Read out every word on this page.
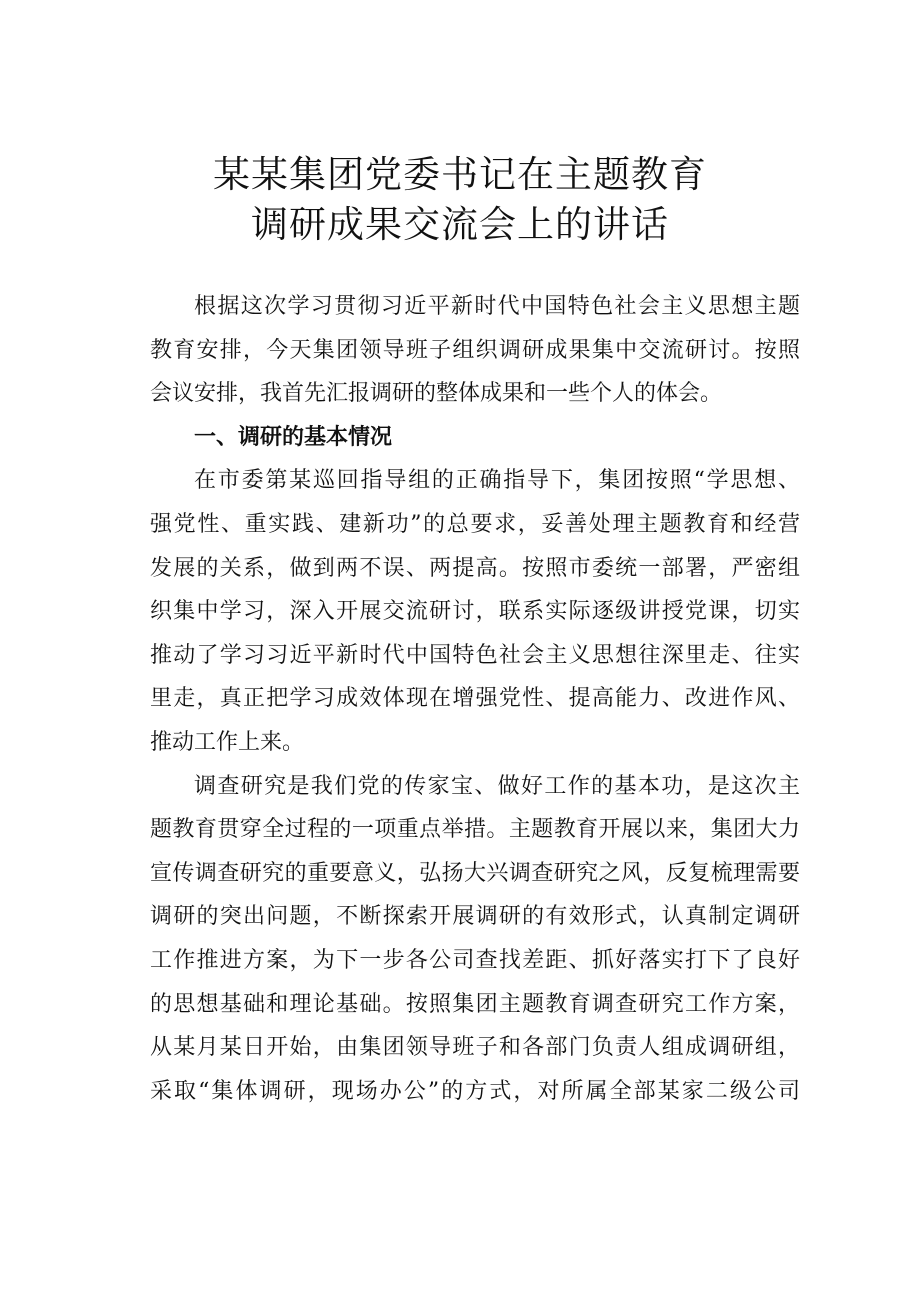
某某集团党委书记在主题教育
调研成果交流会上的讲话
根据这次学习贯彻习近平新时代中国特色社会主义思想主题
教育安排，今天集团领导班子组织调研成果集中交流研讨。按照
会议安排，我首先汇报调研的整体成果和一些个人的体会。
一、调研的基本情况
在市委第某巡回指导组的正确指导下，集团按照“学思想、
强党性、重实践、建新功”的总要求，妥善处理主题教育和经营
发展的关系，做到两不误、两提高。按照市委统一部署，严密组
织集中学习，深入开展交流研讨，联系实际逐级讲授党课，切实
推动了学习习近平新时代中国特色社会主义思想往深里走、往实
里走，真正把学习成效体现在增强党性、提高能力、改进作风、
推动工作上来。
调查研究是我们党的传家宝、做好工作的基本功，是这次主
题教育贯穿全过程的一项重点举措。主题教育开展以来，集团大力
宣传调查研究的重要意义，弘扬大兴调查研究之风，反复梳理需要
调研的突出问题，不断探索开展调研的有效形式，认真制定调研
工作推进方案，为下一步各公司查找差距、抓好落实打下了良好
的思想基础和理论基础。按照集团主题教育调查研究工作方案，
从某月某日开始，由集团领导班子和各部门负责人组成调研组，
采取“集体调研，现场办公”的方式，对所属全部某家二级公司
